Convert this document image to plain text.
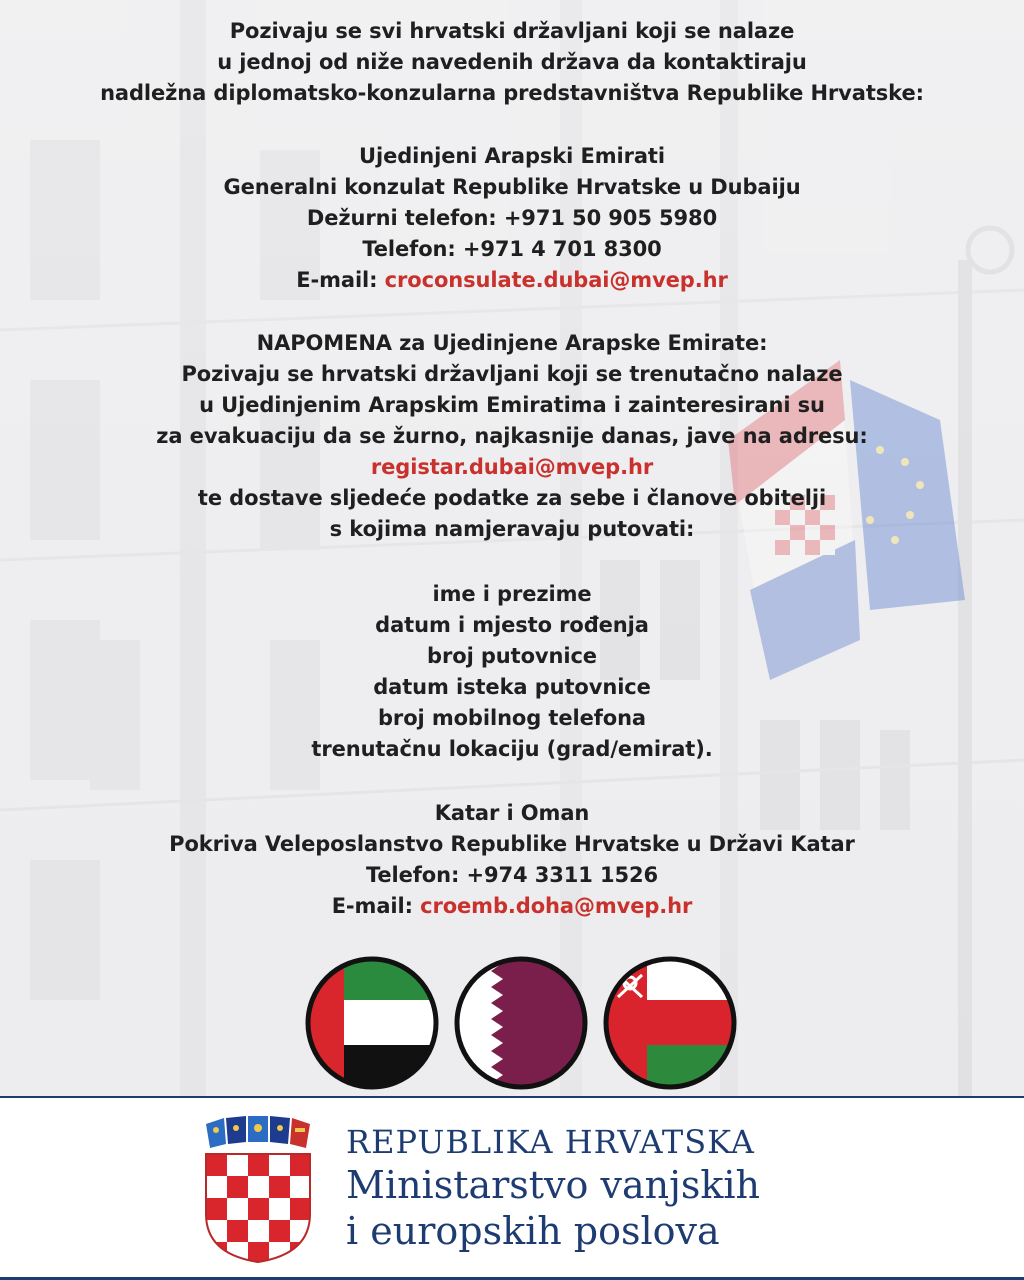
Pozivaju se svi hrvatski državljani koji se nalaze
u jednoj od niže navedenih država da kontaktiraju
nadležna diplomatsko-konzularna predstavništva Republike Hrvatske:
Ujedinjeni Arapski Emirati
Generalni konzulat Republike Hrvatske u Dubaiju
Dežurni telefon: +971 50 905 5980
Telefon: +971 4 701 8300
E-mail: croconsulate.dubai@mvep.hr
NAPOMENA za Ujedinjene Arapske Emirate:
Pozivaju se hrvatski državljani koji se trenutačno nalaze
u Ujedinjenim Arapskim Emiratima i zainteresirani su
za evakuaciju da se žurno, najkasnije danas, jave na adresu:
registar.dubai@mvep.hr
te dostave sljedeće podatke za sebe i članove obitelji
s kojima namjeravaju putovati:
ime i prezime
datum i mjesto rođenja
broj putovnice
datum isteka putovnice
broj mobilnog telefona
trenutačnu lokaciju (grad/emirat).
Katar i Oman
Pokriva Veleposlanstvo Republike Hrvatske u Državi Katar
Telefon: +974 3311 1526
E-mail: croemb.doha@mvep.hr
REPUBLIKA HRVATSKA
Ministarstvo vanjskih
i europskih poslova
